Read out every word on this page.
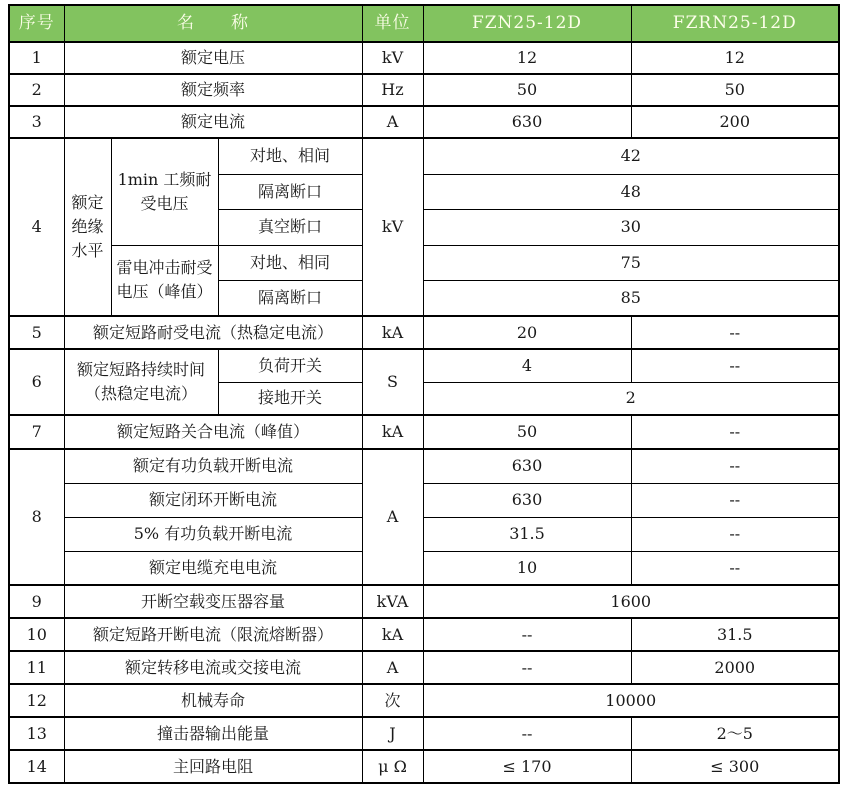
序号	名　　称			单位	FZN25-12D	FZRN25-12D
1	额定电压			kV	12	12
2	额定频率			Hz	50	50
3	额定电流			A	630	200
4	额定绝缘水平	1min 工频耐受电压	对地、相间	kV	42	
			隔离断口		48	
			真空断口		30	
		雷电冲击耐受电压（峰值）	对地、相同		75	
			隔离断口		85	
5	额定短路耐受电流（热稳定电流）			kA	20	--
6	额定短路持续时间（热稳定电流）		负荷开关	S	4	--
			接地开关		2	
7	额定短路关合电流（峰值）			kA	50	--
8	额定有功负载开断电流			A	630	--
	额定闭环开断电流				630	--
	5% 有功负载开断电流				31.5	--
	额定电缆充电电流				10	--
9	开断空载变压器容量			kVA	1600	
10	额定短路开断电流（限流熔断器）			kA	--	31.5
11	额定转移电流或交接电流			A	--	2000
12	机械寿命			次	10000	
13	撞击器输出能量			J	--	2～5
14	主回路电阻			μ Ω	≤ 170	≤ 300
